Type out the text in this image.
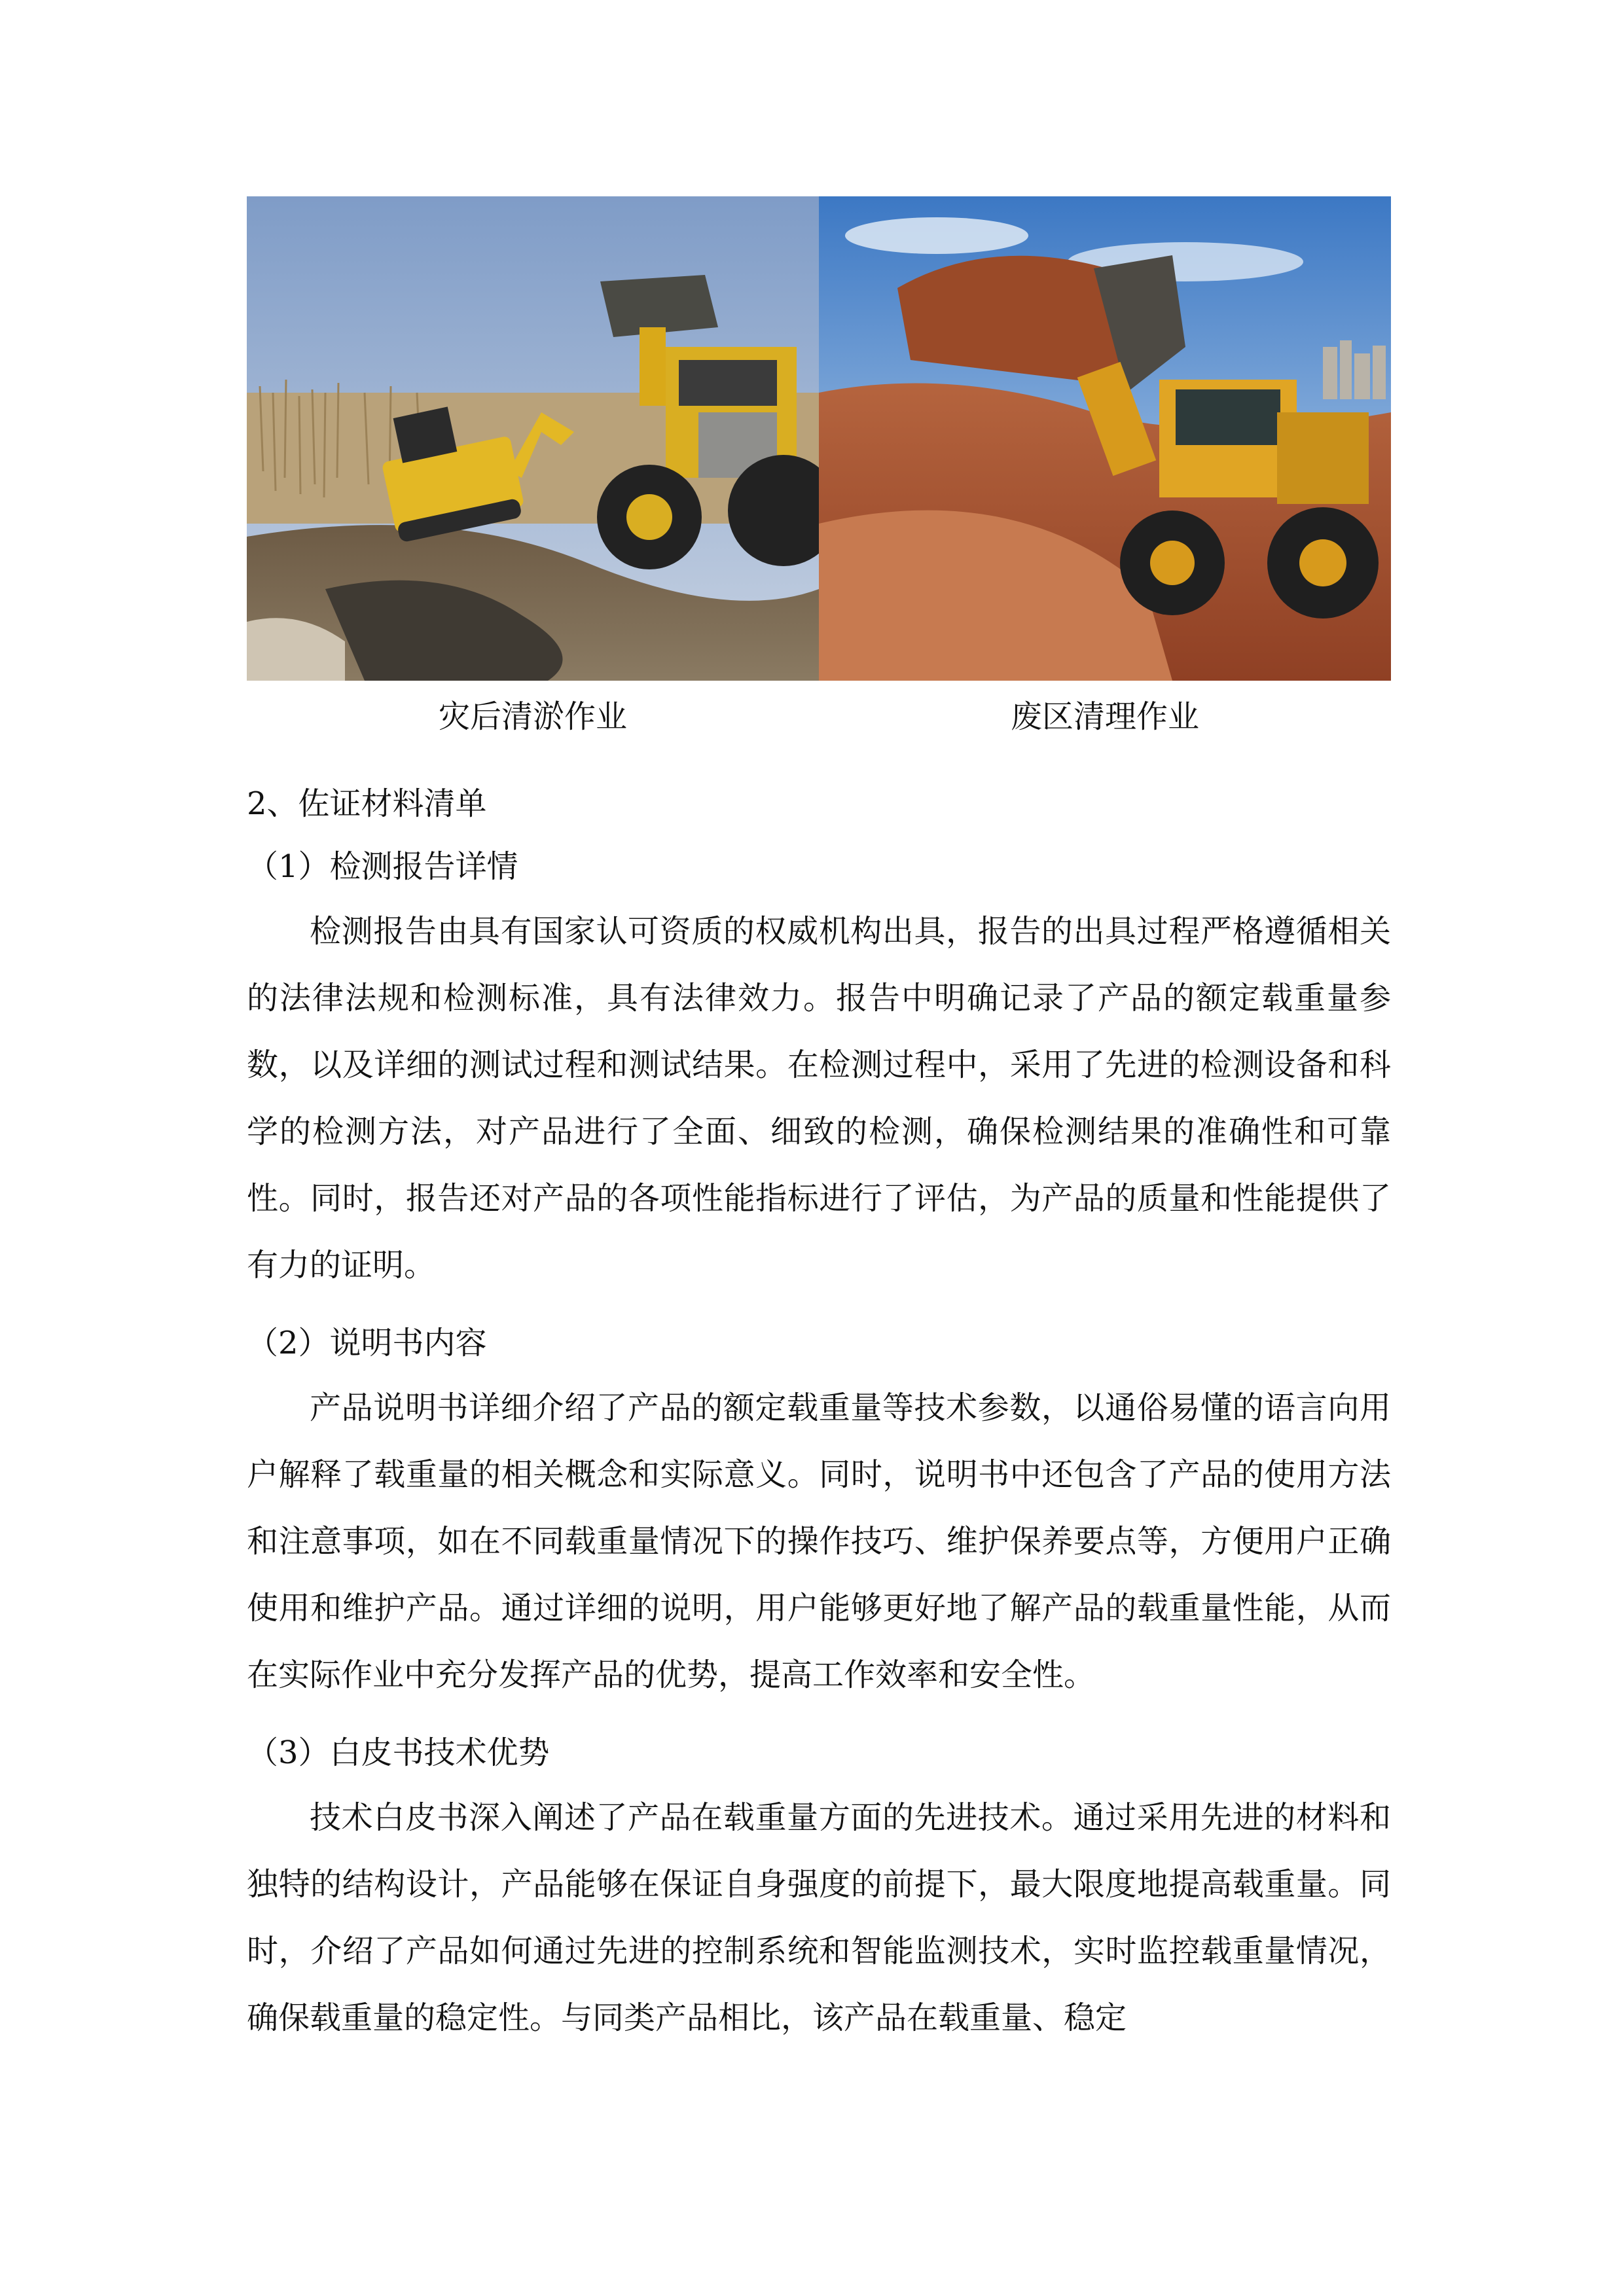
灾后清淤作业	废区清理作业

2、佐证材料清单

（1）检测报告详情

检测报告由具有国家认可资质的权威机构出具，报告的出具过程严格遵循相关的法律法规和检测标准，具有法律效力。报告中明确记录了产品的额定载重量参数，以及详细的测试过程和测试结果。在检测过程中，采用了先进的检测设备和科学的检测方法，对产品进行了全面、细致的检测，确保检测结果的准确性和可靠性。同时，报告还对产品的各项性能指标进行了评估，为产品的质量和性能提供了有力的证明。

（2）说明书内容

产品说明书详细介绍了产品的额定载重量等技术参数，以通俗易懂的语言向用户解释了载重量的相关概念和实际意义。同时，说明书中还包含了产品的使用方法和注意事项，如在不同载重量情况下的操作技巧、维护保养要点等，方便用户正确使用和维护产品。通过详细的说明，用户能够更好地了解产品的载重量性能，从而在实际作业中充分发挥产品的优势，提高工作效率和安全性。

（3）白皮书技术优势

技术白皮书深入阐述了产品在载重量方面的先进技术。通过采用先进的材料和独特的结构设计，产品能够在保证自身强度的前提下，最大限度地提高载重量。同时，介绍了产品如何通过先进的控制系统和智能监测技术，实时监控载重量情况，确保载重量的稳定性。与同类产品相比，该产品在载重量、稳定
